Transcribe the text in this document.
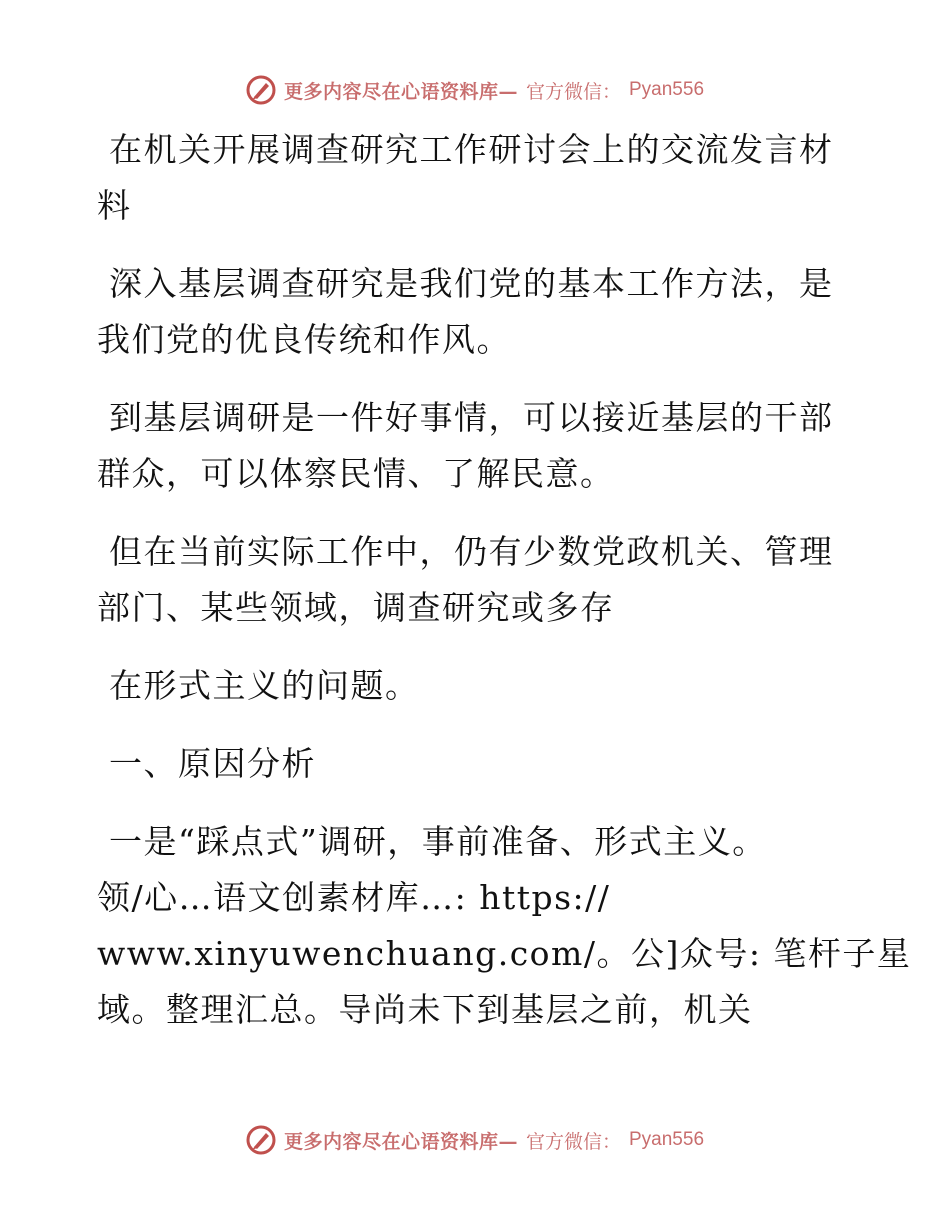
更多内容尽在心语资料库— 官方微信： Pyan556
在机关开展调查研究工作研讨会上的交流发言材
料
深入基层调查研究是我们党的基本工作方法，是
我们党的优良传统和作风。
到基层调研是一件好事情，可以接近基层的干部
群众，可以体察民情、了解民意。
但在当前实际工作中，仍有少数党政机关、管理
部门、某些领域，调查研究或多存
在形式主义的问题。
一、原因分析
一是“踩点式”调研，事前准备、形式主义。
领/心…语文创素材库…: https://
www.xinyuwenchuang.com/。公]众号: 笔杆子星
域。整理汇总。导尚未下到基层之前，机关
更多内容尽在心语资料库— 官方微信： Pyan556
